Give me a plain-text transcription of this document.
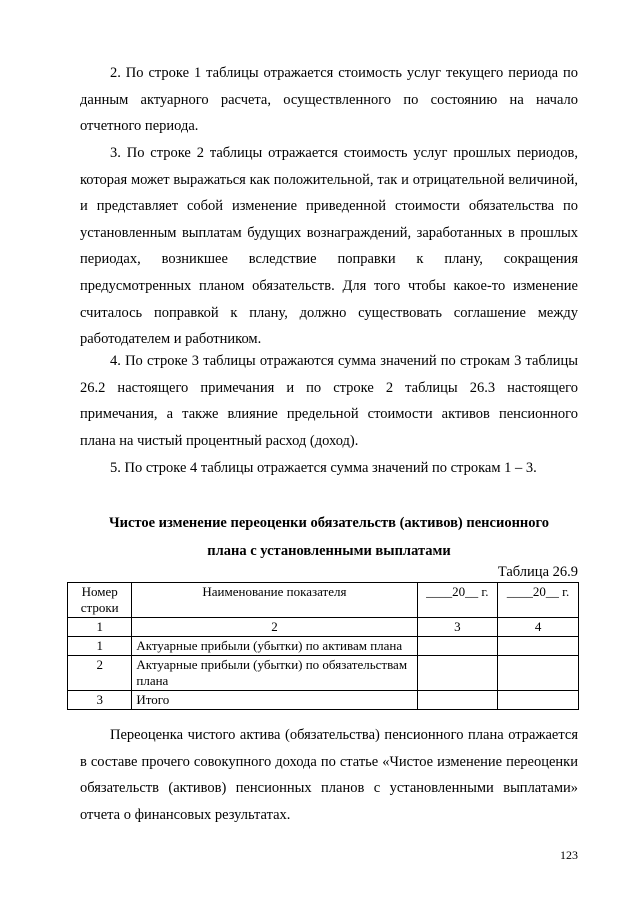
2. По строке 1 таблицы отражается стоимость услуг текущего периода по данным актуарного расчета, осуществленного по состоянию на начало отчетного периода.

3. По строке 2 таблицы отражается стоимость услуг прошлых периодов, которая может выражаться как положительной, так и отрицательной величиной, и представляет собой изменение приведенной стоимости обязательства по установленным выплатам будущих вознаграждений, заработанных в прошлых периодах, возникшее вследствие поправки к плану, сокращения предусмотренных планом обязательств. Для того чтобы какое-то изменение считалось поправкой к плану, должно существовать соглашение между работодателем и работником.

4. По строке 3 таблицы отражаются сумма значений по строкам 3 таблицы 26.2 настоящего примечания и по строке 2 таблицы 26.3 настоящего примечания, а также влияние предельной стоимости активов пенсионного плана на чистый процентный расход (доход).

5. По строке 4 таблицы отражается сумма значений по строкам 1 – 3.

Чистое изменение переоценки обязательств (активов) пенсионного

плана с установленными выплатами

Таблица 26.9
Номер строки	Наименование показателя	____20__ г.	____20__ г.
1	2	3	4
1	Актуарные прибыли (убытки) по активам плана		
2	Актуарные прибыли (убытки) по обязательствам плана		
3	Итого		

Переоценка чистого актива (обязательства) пенсионного плана отражается в составе прочего совокупного дохода по статье «Чистое изменение переоценки обязательств (активов) пенсионных планов с установленными выплатами» отчета о финансовых результатах.

123
